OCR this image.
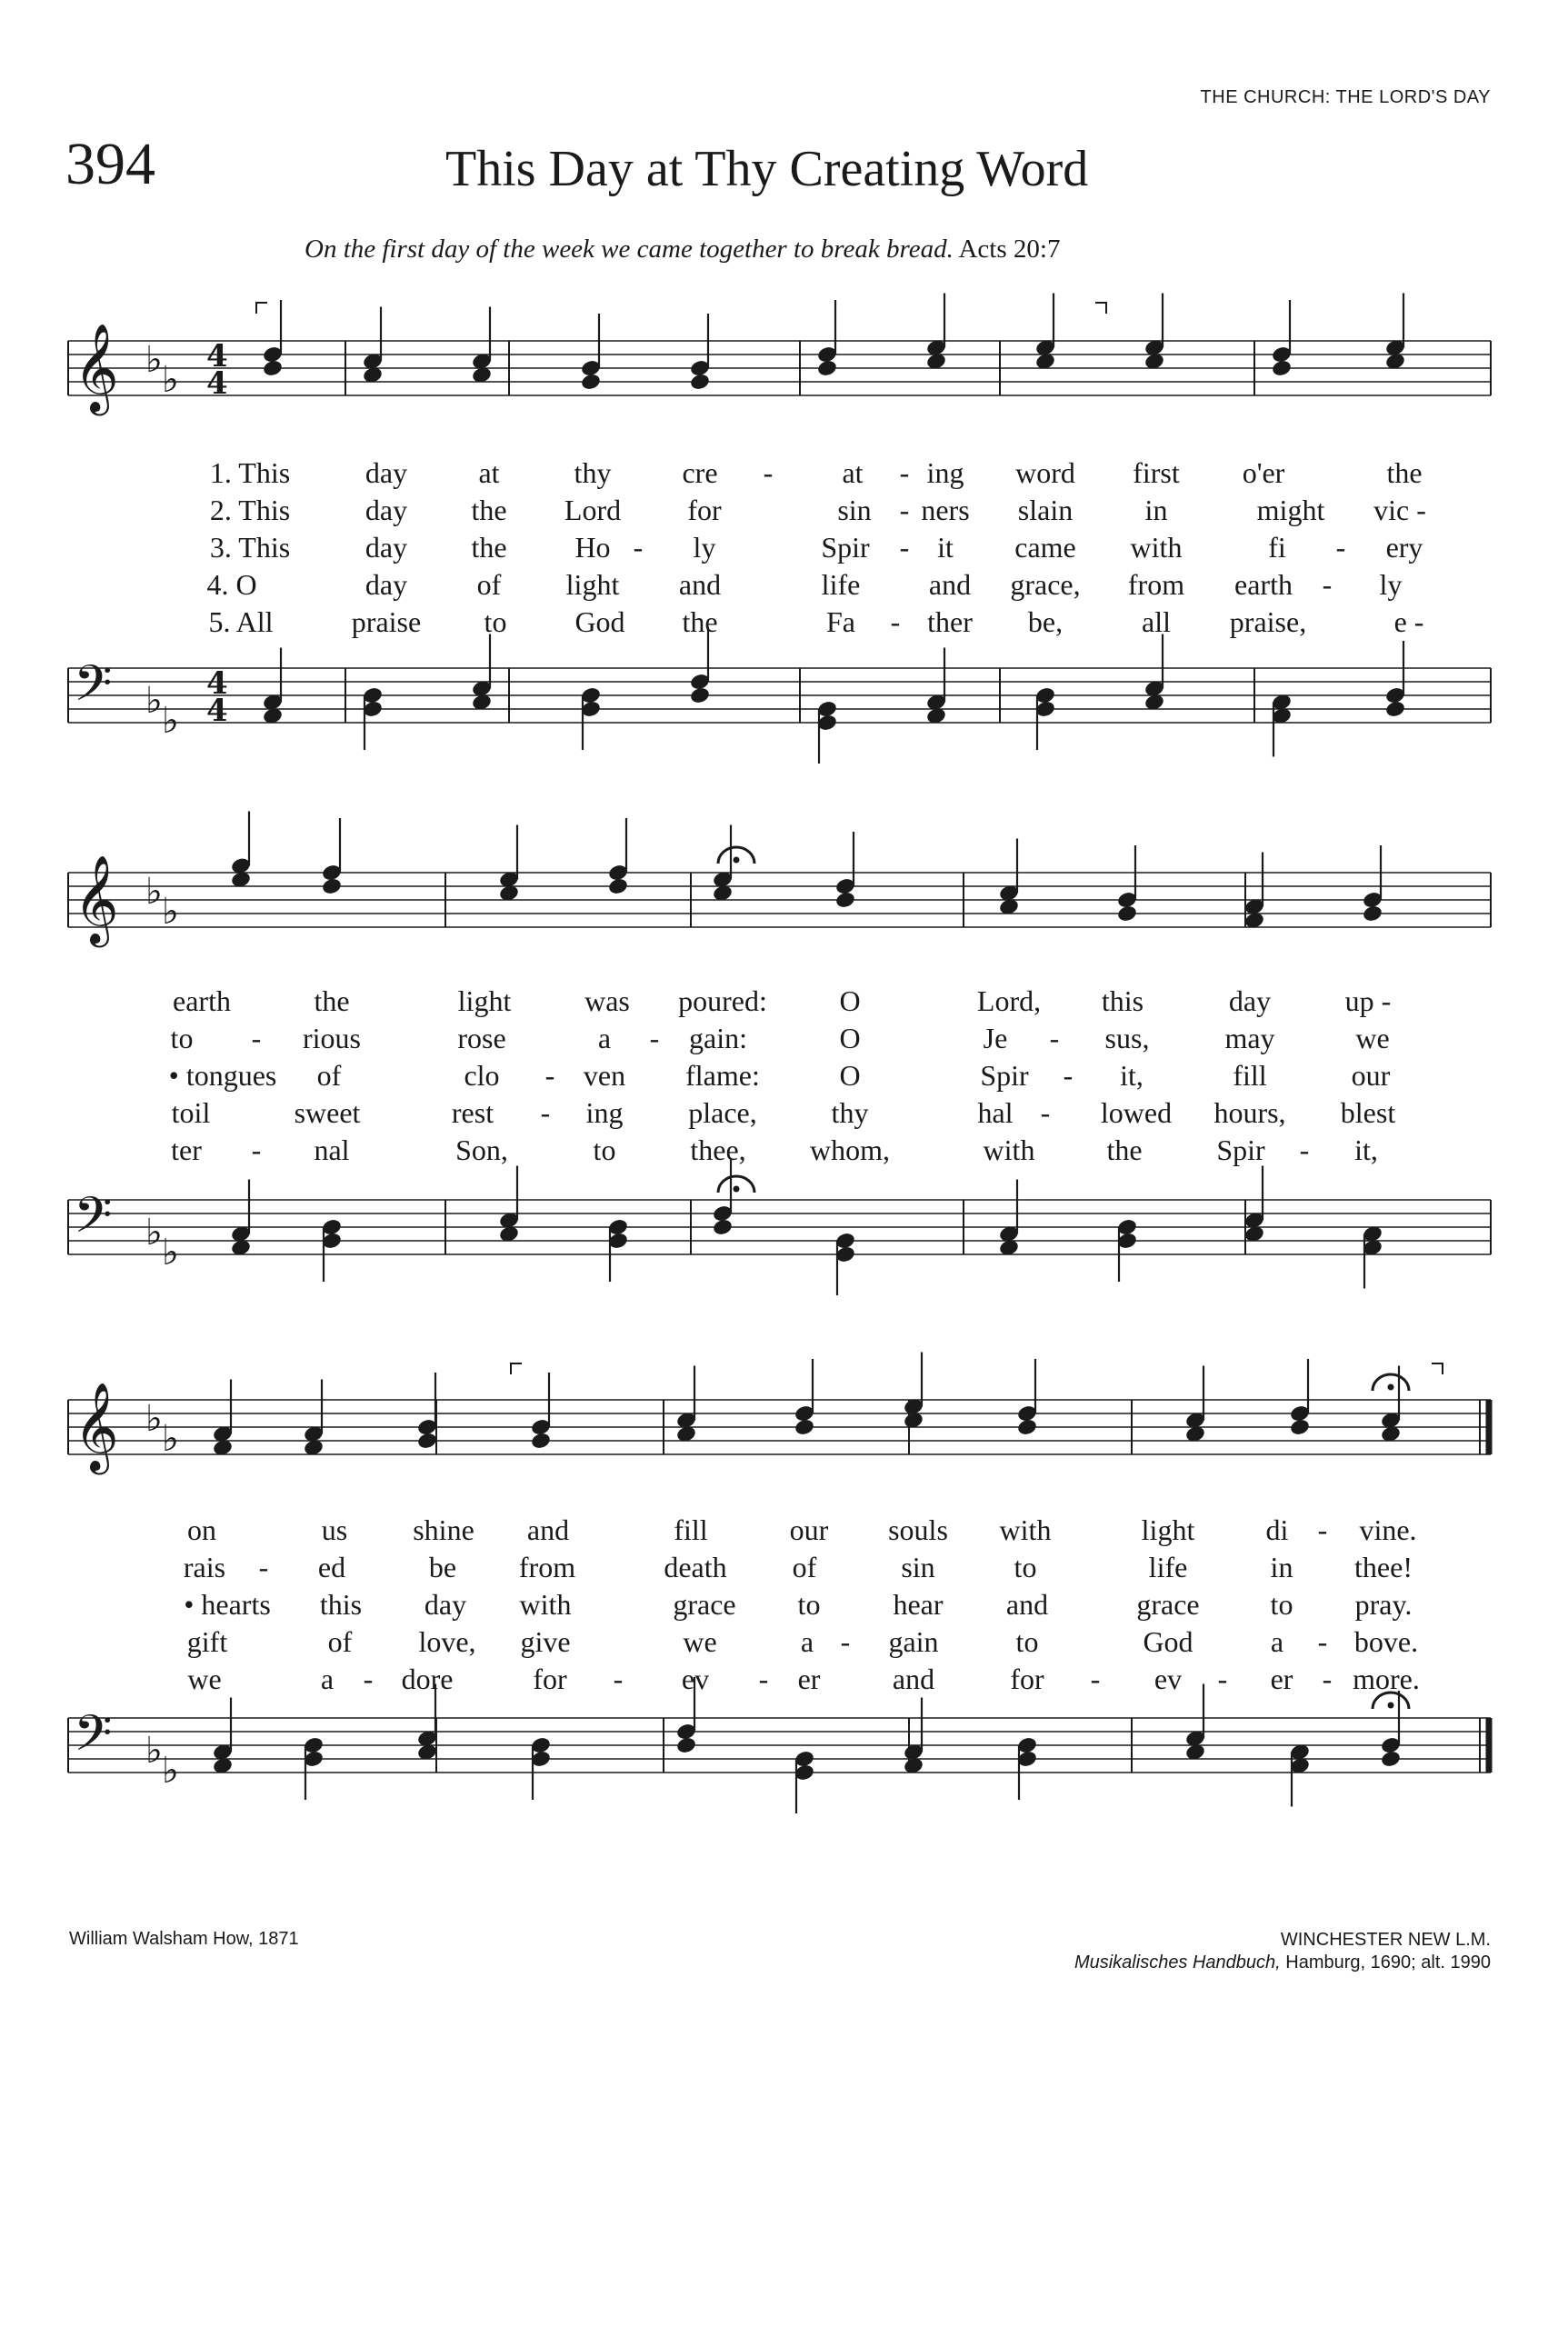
THE CHURCH: THE LORD'S DAY
394	This Day at Thy Creating Word
On the first day of the week we came together to break bread. Acts 20:7
𝄞 ♭ ♭
𝄢 ♭ ♭
4
4
4
4
𝄞 ♭ ♭
𝄢 ♭ ♭
𝄞 ♭ ♭
𝄢 ♭ ♭
1. This	day at	thy cre - at - ing word first o'er	the
2. This	day the Lord for	sin - ners slain in	might vic -
3. This	day the Ho - ly	Spir - it came with	fi - ery
4. O	day of light and	life and grace, from earth - ly
5. All	praise to God the	Fa - ther be,	all praise,	e -
earth	the	light	was poured: O	Lord, this	day	up -
to - rious	rose	a - gain:	O	Je - sus,	may	we
• tongues of	clo - ven flame:	O	Spir - it,	fill	our
toil	sweet	rest - ing place,	thy	hal - lowed hours, blest
ter - nal	Son,	to	thee, whom,	with the	Spir - it,
on	us shine and	fill	our souls with	light di - vine.
rais - ed	be from	death of	sin	to	life	in thee!
• hearts this day with	grace to	hear and	grace to pray.
gift	of love, give	we	a - gain	to	God	a - bove.
we	a - dore	for - ev - er and	for - ev - er - more.
William Walsham How, 1871	WINCHESTER NEW L.M.
Musikalisches Handbuch, Hamburg, 1690; alt. 1990
